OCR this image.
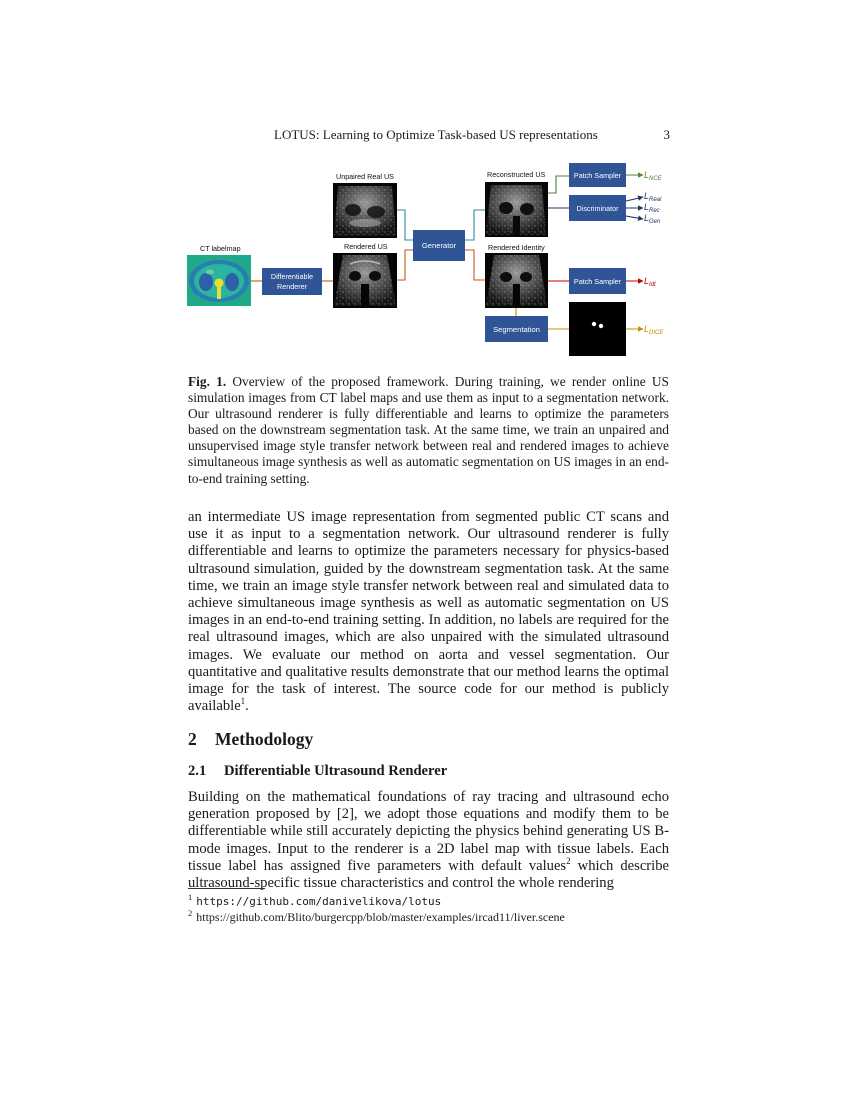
LOTUS: Learning to Optimize Task-based US representations	3
CT labelmap
Unpaired Real US
Rendered US
Reconstructed US
Rendered Identity
Differentiable
Renderer
Generator
Patch Sampler
Discriminator
Patch Sampler
Segmentation
$L_{NCE}$
$L_{Real}$
$L_{Rec}$
$L_{Gen}$
$L_{Idt}$
$L_{DICE}$
Fig. 1. Overview of the proposed framework. During training, we render online US simulation images from CT label maps and use them as input to a segmentation network. Our ultrasound renderer is fully differentiable and learns to optimize the parameters based on the downstream segmentation task. At the same time, we train an unpaired and unsupervised image style transfer network between real and rendered images to achieve simultaneous image synthesis as well as automatic segmentation on US images in an end-to-end training setting.
an intermediate US image representation from segmented public CT scans and use it as input to a segmentation network. Our ultrasound renderer is fully differentiable and learns to optimize the parameters necessary for physics-based ultrasound simulation, guided by the downstream segmentation task. At the same time, we train an image style transfer network between real and simulated data to achieve simultaneous image synthesis as well as automatic segmentation on US images in an end-to-end training setting. In addition, no labels are required for the real ultrasound images, which are also unpaired with the simulated ultrasound images. We evaluate our method on aorta and vessel segmentation. Our quantitative and qualitative results demonstrate that our method learns the optimal image for the task of interest. The source code for our method is publicly available$^1$.
2 Methodology
2.1 Differentiable Ultrasound Renderer
Building on the mathematical foundations of ray tracing and ultrasound echo generation proposed by [2], we adopt those equations and modify them to be differentiable while still accurately depicting the physics behind generating US B-mode images. Input to the renderer is a 2D label map with tissue labels. Each tissue label has assigned five parameters with default values$^2$ which describe ultrasound-specific tissue characteristics and control the whole rendering
$^1$ https://github.com/danivelikova/lotus
$^2$ https://github.com/Blito/burgercpp/blob/master/examples/ircad11/liver.scene
